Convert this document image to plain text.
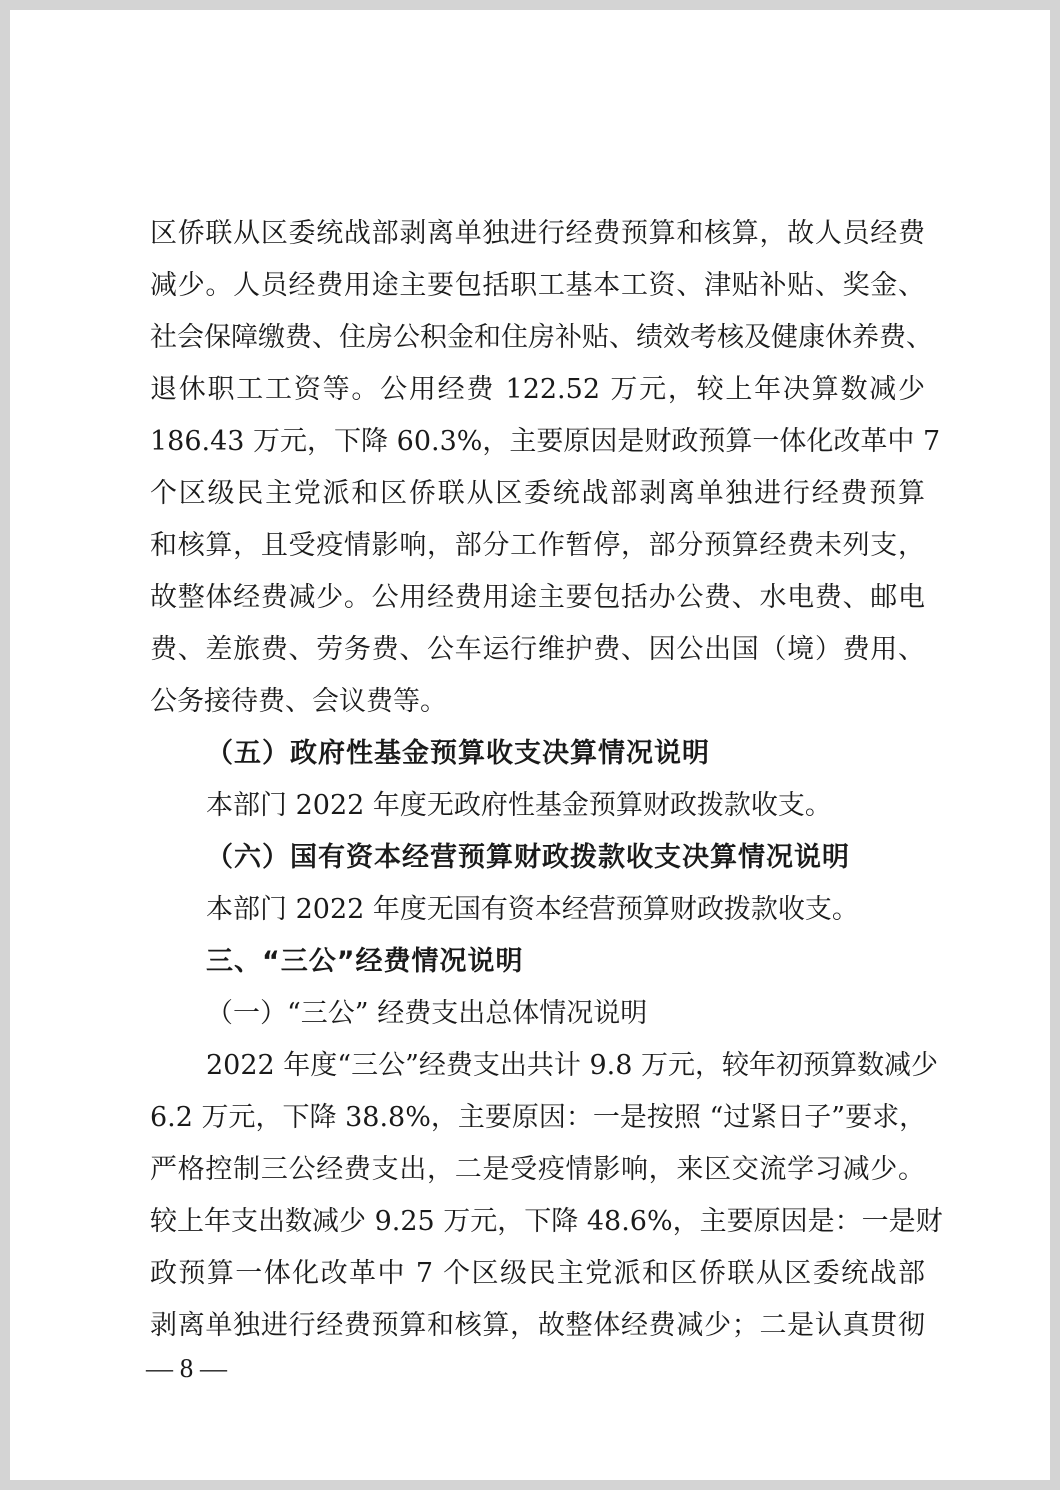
区侨联从区委统战部剥离单独进行经费预算和核算，故人员经费

减少。人员经费用途主要包括职工基本工资、津贴补贴、奖金、

社会保障缴费、住房公积金和住房补贴、绩效考核及健康休养费、

退休职工工资等。公用经费 122.52 万元，较上年决算数减少

186.43 万元，下降 60.3%，主要原因是财政预算一体化改革中 7

个区级民主党派和区侨联从区委统战部剥离单独进行经费预算

和核算，且受疫情影响，部分工作暂停，部分预算经费未列支，

故整体经费减少。公用经费用途主要包括办公费、水电费、邮电

费、差旅费、劳务费、公车运行维护费、因公出国（境）费用、

公务接待费、会议费等。

（五）政府性基金预算收支决算情况说明

本部门 2022 年度无政府性基金预算财政拨款收支。

（六）国有资本经营预算财政拨款收支决算情况说明

本部门 2022 年度无国有资本经营预算财政拨款收支。

三、“三公”经费情况说明

（一）“三公” 经费支出总体情况说明

2022 年度“三公”经费支出共计 9.8 万元，较年初预算数减少

6.2 万元，下降 38.8%，主要原因：一是按照 “过紧日子”要求，

严格控制三公经费支出，二是受疫情影响，来区交流学习减少。

较上年支出数减少 9.25 万元，下降 48.6%，主要原因是：一是财

政预算一体化改革中 7 个区级民主党派和区侨联从区委统战部

剥离单独进行经费预算和核算，故整体经费减少；二是认真贯彻

— 8 —
